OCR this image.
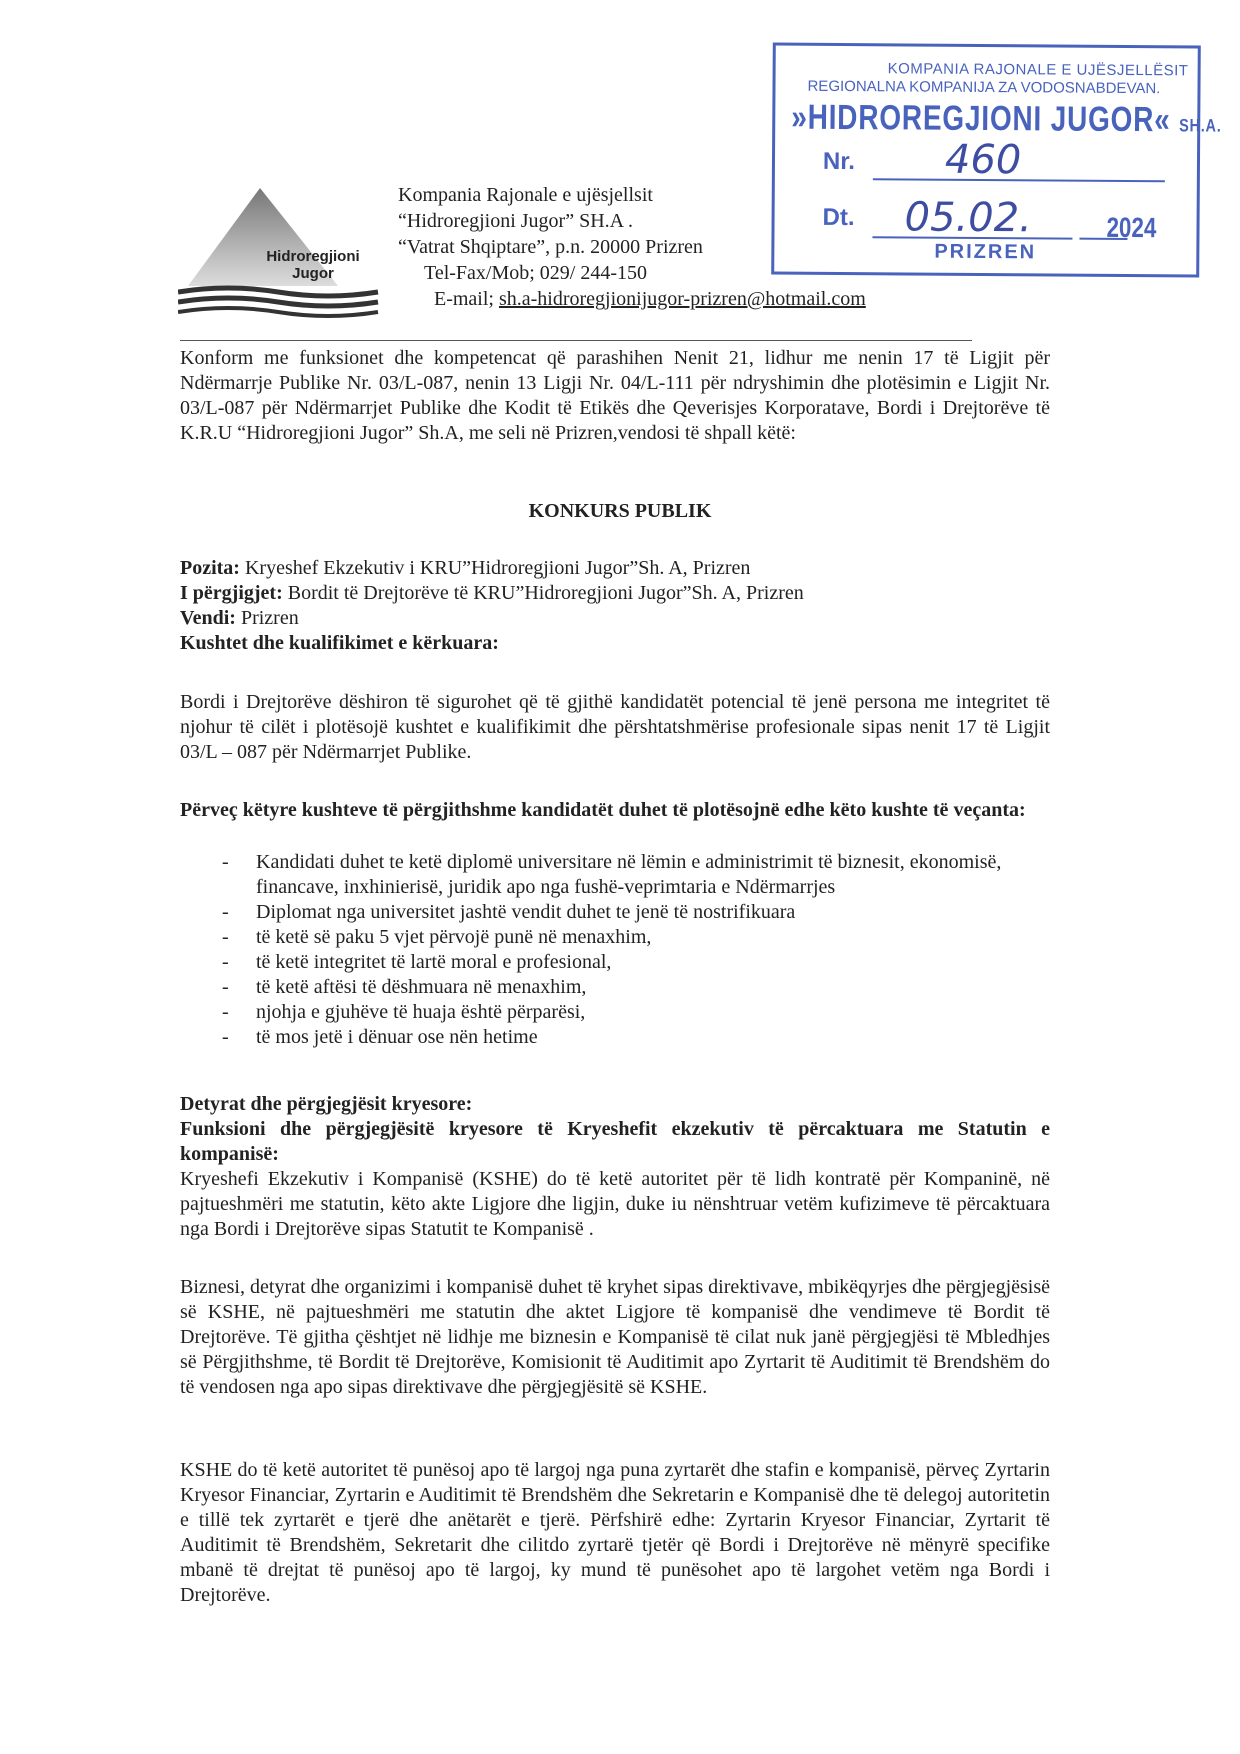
Hidroregjioni
Jugor
Kompania Rajonale e ujësjellsit
“Hidroregjioni Jugor” SH.A .
“Vatrat Shqiptare”, p.n. 20000 Prizren
Tel-Fax/Mob; 029/ 244-150
E-mail; sh.a-hidroregjionijugor-prizren@hotmail.com
KOMPANIA RAJONALE E UJËSJELLËSIT
REGIONALNA KOMPANIJA ZA VODOSNABDEVAN.
»HIDROREGJIONI JUGOR« SH.A.
Nr. 460
Dt. 05.02.	2024
PRIZREN
Konform me funksionet dhe kompetencat që parashihen Nenit 21, lidhur me nenin 17 të Ligjit për Ndërmarrje Publike Nr. 03/L-087, nenin 13 Ligji Nr. 04/L-111 për ndryshimin dhe plotësimin e Ligjit Nr. 03/L-087 për Ndërmarrjet Publike dhe Kodit të Etikës dhe Qeverisjes Korporatave, Bordi i Drejtorëve të K.R.U “Hidroregjioni Jugor” Sh.A, me seli në Prizren,vendosi të shpall këtë:
KONKURS PUBLIK
Pozita: Kryeshef Ekzekutiv i KRU”Hidroregjioni Jugor”Sh. A, Prizren
I përgjigjet: Bordit të Drejtorëve të KRU”Hidroregjioni Jugor”Sh. A, Prizren
Vendi: Prizren
Kushtet dhe kualifikimet e kërkuara:
Bordi i Drejtorëve dëshiron të sigurohet që të gjithë kandidatët potencial të jenë persona me integritet të njohur të cilët i plotësojë kushtet e kualifikimit dhe përshtatshmërise profesionale sipas nenit 17 të Ligjit 03/L – 087 për Ndërmarrjet Publike.
Përveç këtyre kushteve të përgjithshme kandidatët duhet të plotësojnë edhe këto kushte të veçanta:
- Kandidati duhet te ketë diplomë universitare në lëmin e administrimit të biznesit, ekonomisë, financave, inxhinierisë, juridik apo nga fushë-veprimtaria e Ndërmarrjes
- Diplomat nga universitet jashtë vendit duhet te jenë të nostrifikuara
- të ketë së paku 5 vjet përvojë punë në menaxhim,
- të ketë integritet të lartë moral e profesional,
- të ketë aftësi të dëshmuara në menaxhim,
- njohja e gjuhëve të huaja është përparësi,
- të mos jetë i dënuar ose nën hetime
Detyrat dhe përgjegjësit kryesore:
Funksioni dhe përgjegjësitë kryesore të Kryeshefit ekzekutiv të përcaktuara me Statutin e kompanisë:
Kryeshefi Ekzekutiv i Kompanisë (KSHE) do të ketë autoritet për të lidh kontratë për Kompaninë, në pajtueshmëri me statutin, këto akte Ligjore dhe ligjin, duke iu nënshtruar vetëm kufizimeve të përcaktuara nga Bordi i Drejtorëve sipas Statutit te Kompanisë .
Biznesi, detyrat dhe organizimi i kompanisë duhet të kryhet sipas direktivave, mbikëqyrjes dhe përgjegjësisë së KSHE, në pajtueshmëri me statutin dhe aktet Ligjore të kompanisë dhe vendimeve të Bordit të Drejtorëve. Të gjitha çështjet në lidhje me biznesin e Kompanisë të cilat nuk janë përgjegjësi të Mbledhjes së Përgjithshme, të Bordit të Drejtorëve, Komisionit të Auditimit apo Zyrtarit të Auditimit të Brendshëm do të vendosen nga apo sipas direktivave dhe përgjegjësitë së KSHE.
KSHE do të ketë autoritet të punësoj apo të largoj nga puna zyrtarët dhe stafin e kompanisë, përveç Zyrtarin Kryesor Financiar, Zyrtarin e Auditimit të Brendshëm dhe Sekretarin e Kompanisë dhe të delegoj autoritetin e tillë tek zyrtarët e tjerë dhe anëtarët e tjerë. Përfshirë edhe: Zyrtarin Kryesor Financiar, Zyrtarit të Auditimit të Brendshëm, Sekretarit dhe cilitdo zyrtarë tjetër që Bordi i Drejtorëve në mënyrë specifike mbanë të drejtat të punësoj apo të largoj, ky mund të punësohet apo të largohet vetëm nga Bordi i Drejtorëve.
